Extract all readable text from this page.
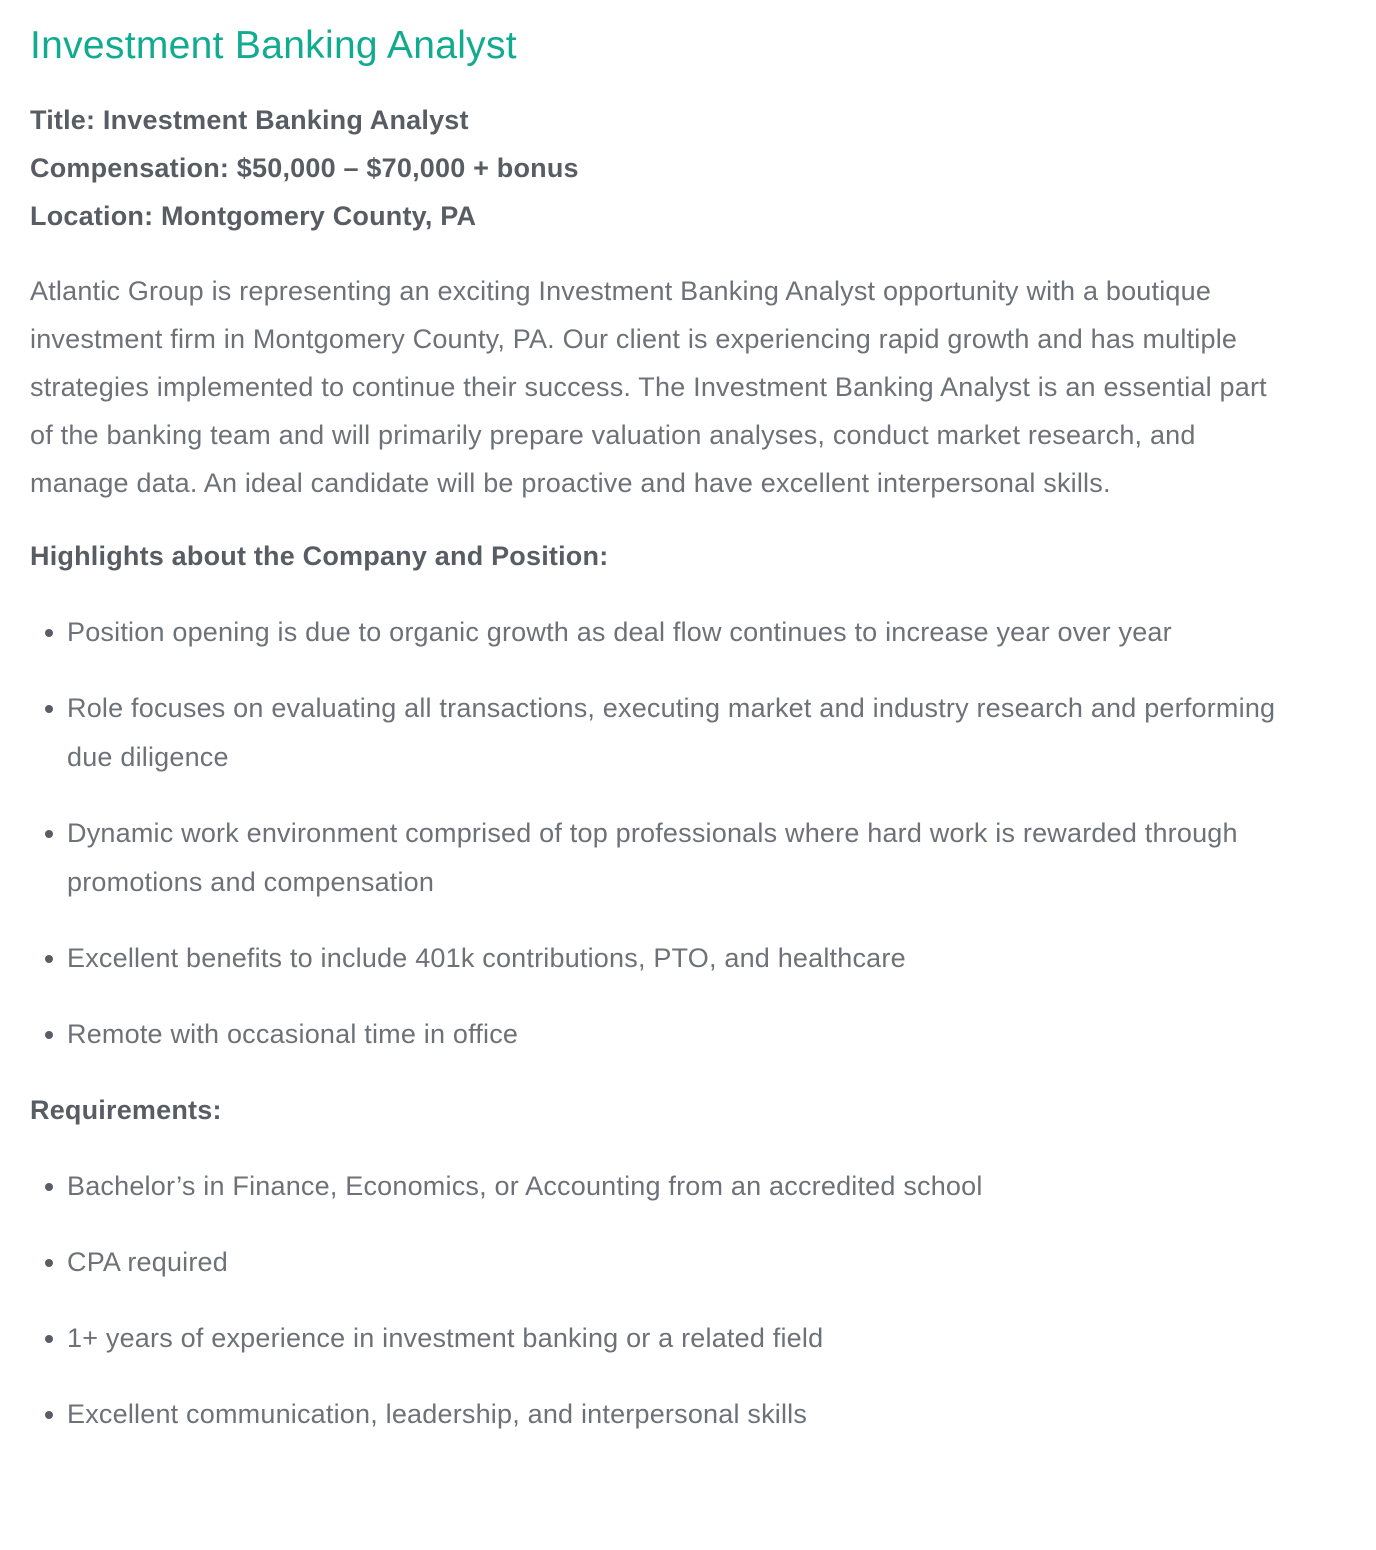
Investment Banking Analyst

Title: Investment Banking Analyst

Compensation: $50,000 – $70,000 + bonus

Location: Montgomery County, PA

Atlantic Group is representing an exciting Investment Banking Analyst opportunity with a boutique investment firm in Montgomery County, PA. Our client is experiencing rapid growth and has multiple strategies implemented to continue their success. The Investment Banking Analyst is an essential part of the banking team and will primarily prepare valuation analyses, conduct market research, and manage data. An ideal candidate will be proactive and have excellent interpersonal skills.

Highlights about the Company and Position:
Position opening is due to organic growth as deal flow continues to increase year over year
Role focuses on evaluating all transactions, executing market and industry research and performing due diligence
Dynamic work environment comprised of top professionals where hard work is rewarded through promotions and compensation
Excellent benefits to include 401k contributions, PTO, and healthcare
Remote with occasional time in office
Requirements:
Bachelor’s in Finance, Economics, or Accounting from an accredited school
CPA required
1+ years of experience in investment banking or a related field
Excellent communication, leadership, and interpersonal skills
